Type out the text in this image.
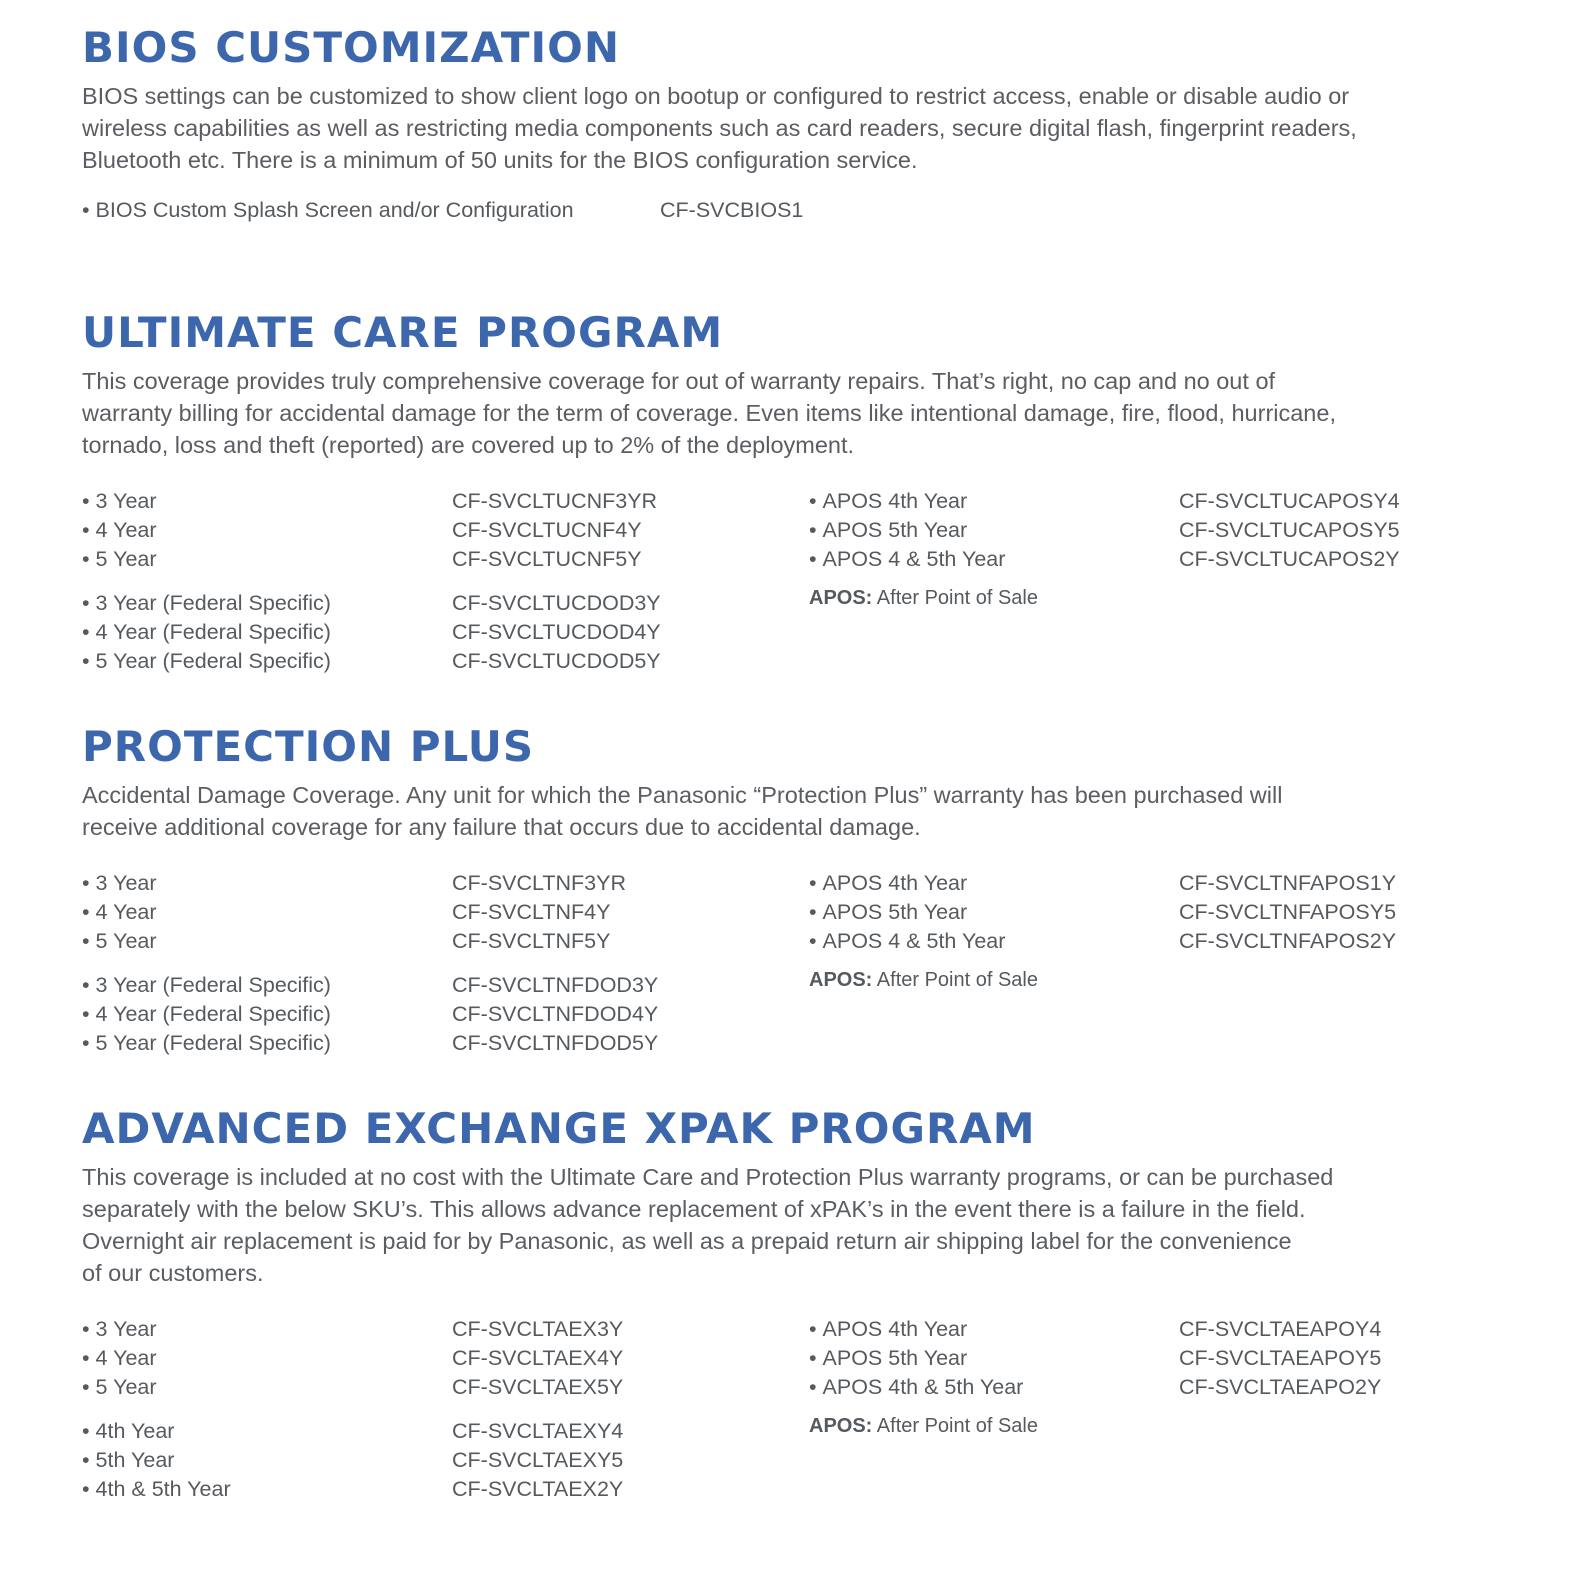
BIOS CUSTOMIZATION
BIOS settings can be customized to show client logo on bootup or configured to restrict access, enable or disable audio or
wireless capabilities as well as restricting media components such as card readers, secure digital flash, fingerprint readers,
Bluetooth etc. There is a minimum of 50 units for the BIOS configuration service.
• BIOS Custom Splash Screen and/or Configuration	CF-SVCBIOS1
ULTIMATE CARE PROGRAM
This coverage provides truly comprehensive coverage for out of warranty repairs. That’s right, no cap and no out of
warranty billing for accidental damage for the term of coverage. Even items like intentional damage, fire, flood, hurricane,
tornado, loss and theft (reported) are covered up to 2% of the deployment.
• 3 Year	CF-SVCLTUCNF3YR
• 4 Year	CF-SVCLTUCNF4Y
• 5 Year	CF-SVCLTUCNF5Y
• 3 Year (Federal Specific)	CF-SVCLTUCDOD3Y
• 4 Year (Federal Specific)	CF-SVCLTUCDOD4Y
• 5 Year (Federal Specific)	CF-SVCLTUCDOD5Y
• APOS 4th Year	CF-SVCLTUCAPOSY4
• APOS 5th Year	CF-SVCLTUCAPOSY5
• APOS 4 & 5th Year	CF-SVCLTUCAPOS2Y
APOS: After Point of Sale
PROTECTION PLUS
Accidental Damage Coverage. Any unit for which the Panasonic “Protection Plus” warranty has been purchased will
receive additional coverage for any failure that occurs due to accidental damage.
• 3 Year	CF-SVCLTNF3YR
• 4 Year	CF-SVCLTNF4Y
• 5 Year	CF-SVCLTNF5Y
• 3 Year (Federal Specific)	CF-SVCLTNFDOD3Y
• 4 Year (Federal Specific)	CF-SVCLTNFDOD4Y
• 5 Year (Federal Specific)	CF-SVCLTNFDOD5Y
• APOS 4th Year	CF-SVCLTNFAPOS1Y
• APOS 5th Year	CF-SVCLTNFAPOSY5
• APOS 4 & 5th Year	CF-SVCLTNFAPOS2Y
APOS: After Point of Sale
ADVANCED EXCHANGE XPAK PROGRAM
This coverage is included at no cost with the Ultimate Care and Protection Plus warranty programs, or can be purchased
separately with the below SKU’s. This allows advance replacement of xPAK’s in the event there is a failure in the field.
Overnight air replacement is paid for by Panasonic, as well as a prepaid return air shipping label for the convenience
of our customers.
• 3 Year	CF-SVCLTAEX3Y
• 4 Year	CF-SVCLTAEX4Y
• 5 Year	CF-SVCLTAEX5Y
• 4th Year	CF-SVCLTAEXY4
• 5th Year	CF-SVCLTAEXY5
• 4th & 5th Year	CF-SVCLTAEX2Y
• APOS 4th Year	CF-SVCLTAEAPOY4
• APOS 5th Year	CF-SVCLTAEAPOY5
• APOS 4th & 5th Year	CF-SVCLTAEAPO2Y
APOS: After Point of Sale
